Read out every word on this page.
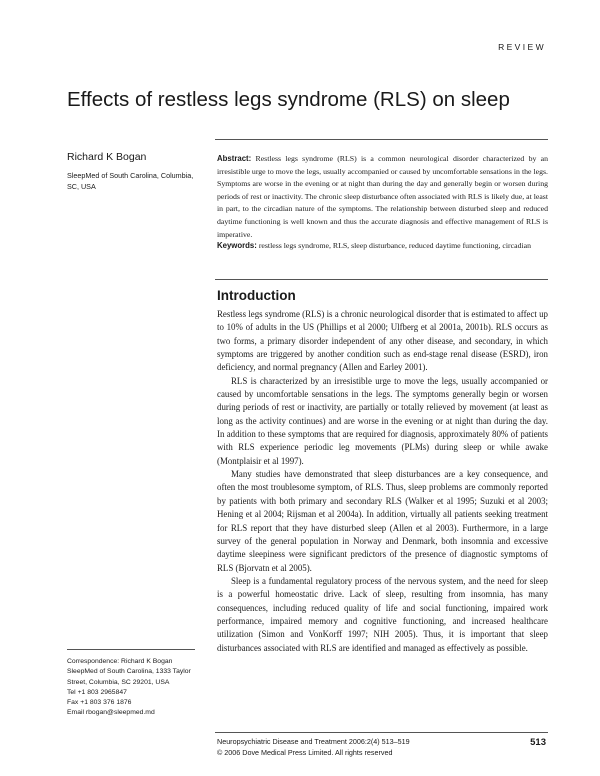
REVIEW
Effects of restless legs syndrome (RLS) on sleep
Richard K Bogan
SleepMed of South Carolina, Columbia, SC, USA
Abstract: Restless legs syndrome (RLS) is a common neurological disorder characterized by an irresistible urge to move the legs, usually accompanied or caused by uncomfortable sensations in the legs. Symptoms are worse in the evening or at night than during the day and generally begin or worsen during periods of rest or inactivity. The chronic sleep disturbance often associated with RLS is likely due, at least in part, to the circadian nature of the symptoms. The relationship between disturbed sleep and reduced daytime functioning is well known and thus the accurate diagnosis and effective management of RLS is imperative.
Keywords: restless legs syndrome, RLS, sleep disturbance, reduced daytime functioning, circadian
Introduction

Restless legs syndrome (RLS) is a chronic neurological disorder that is estimated to affect up to 10% of adults in the US (Phillips et al 2000; Ulfberg et al 2001a, 2001b). RLS occurs as two forms, a primary disorder independent of any other disease, and secondary, in which symptoms are triggered by another condition such as end-stage renal disease (ESRD), iron deficiency, and normal pregnancy (Allen and Earley 2001).

RLS is characterized by an irresistible urge to move the legs, usually accompanied or caused by uncomfortable sensations in the legs. The symptoms generally begin or worsen during periods of rest or inactivity, are partially or totally relieved by movement (at least as long as the activity continues) and are worse in the evening or at night than during the day. In addition to these symptoms that are required for diagnosis, approximately 80% of patients with RLS experience periodic leg movements (PLMs) during sleep or while awake (Montplaisir et al 1997).

Many studies have demonstrated that sleep disturbances are a key consequence, and often the most troublesome symptom, of RLS. Thus, sleep problems are commonly reported by patients with both primary and secondary RLS (Walker et al 1995; Suzuki et al 2003; Hening et al 2004; Rijsman et al 2004a). In addition, virtually all patients seeking treatment for RLS report that they have disturbed sleep (Allen et al 2003). Furthermore, in a large survey of the general population in Norway and Denmark, both insomnia and excessive daytime sleepiness were significant predictors of the presence of diagnostic symptoms of RLS (Bjorvatn et al 2005).

Sleep is a fundamental regulatory process of the nervous system, and the need for sleep is a powerful homeostatic drive. Lack of sleep, resulting from insomnia, has many consequences, including reduced quality of life and social functioning, impaired work performance, impaired memory and cognitive functioning, and increased healthcare utilization (Simon and VonKorff 1997; NIH 2005). Thus, it is important that sleep disturbances associated with RLS are identified and managed as effectively as possible.

Correspondence: Richard K Bogan
SleepMed of South Carolina, 1333 Taylor
Street, Columbia, SC 29201, USA
Tel +1 803 2965847
Fax +1 803 376 1876
Email rbogan@sleepmed.md
Neuropsychiatric Disease and Treatment 2006:2(4) 513–519
© 2006 Dove Medical Press Limited. All rights reserved
513
